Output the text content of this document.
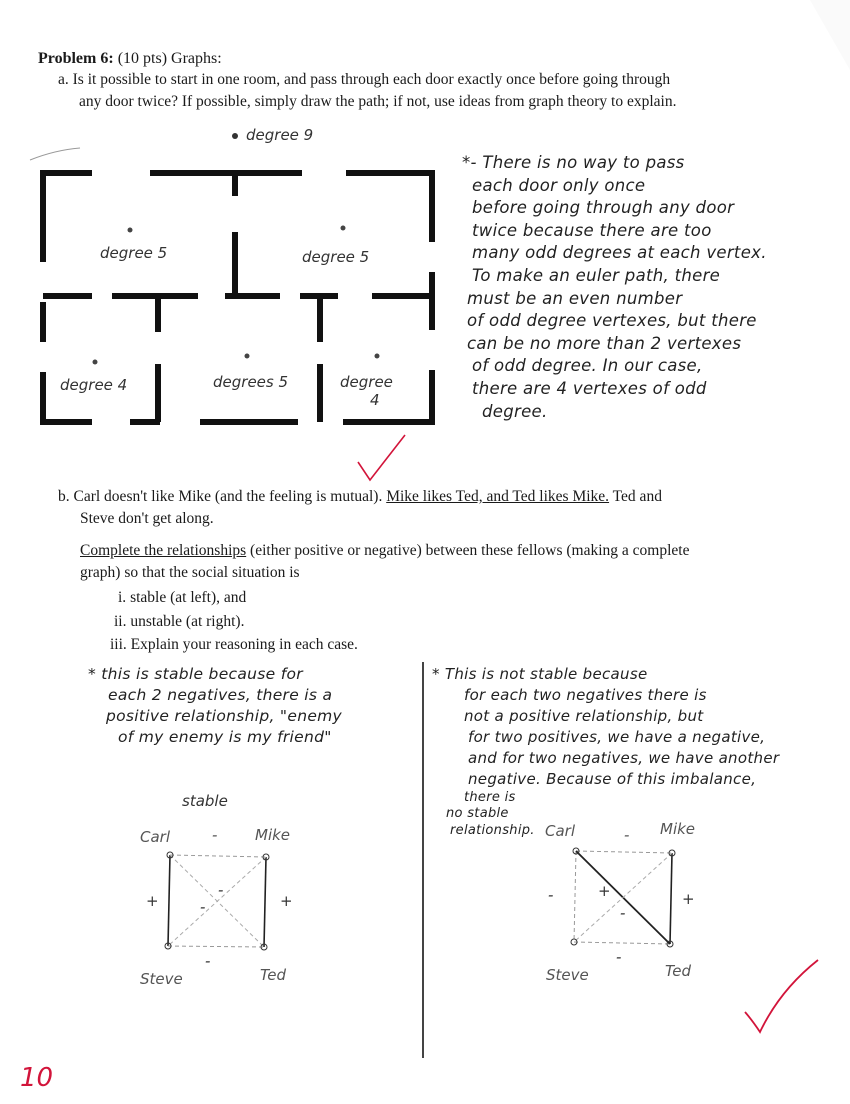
Problem 6: (10 pts) Graphs:
a. Is it possible to start in one room, and pass through each door exactly once before going through
any door twice? If possible, simply draw the path; if not, use ideas from graph theory to explain.
degree 9
degree 5	degree 5
degree 4	degrees 5	degree
4
*- There is no way to pass
each door only once
before going through any door
twice because there are too
many odd degrees at each vertex.
To make an euler path, there
must be an even number
of odd degree vertexes, but there
can be no more than 2 vertexes
of odd degree. In our case,
there are 4 vertexes of odd
degree.

b. Carl doesn't like Mike (and the feeling is mutual). Mike likes Ted, and Ted likes Mike. Ted and

Steve don't get along.

Complete the relationships (either positive or negative) between these fellows (making a complete

graph) so that the social situation is

i. stable (at left), and
ii. unstable (at right).
iii. Explain your reasoning in each case.
* this is stable because for
each 2 negatives, there is a
positive relationship, "enemy
of my enemy is my friend"
* This is not stable because
for each two negatives there is
not a positive relationship, but
for two positives, we have a negative,
and for two negatives, we have another
negative. Because of this imbalance,
there is
no stable
relationship.
stable
Carl	-	Mike
+	+
-
-
-
Steve	Ted
Carl	- Mike
-	+
+
-
-
Steve	Ted
10
